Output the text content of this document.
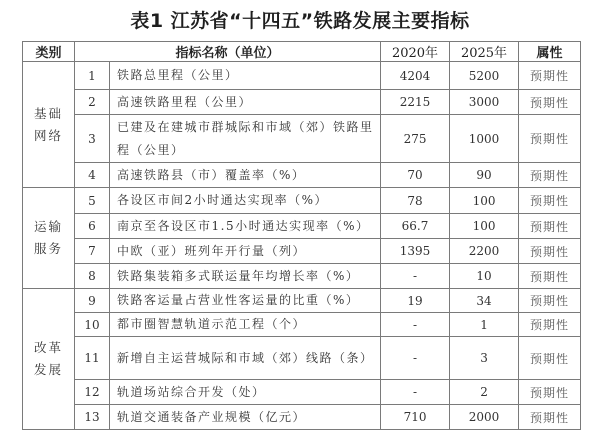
表1 江苏省“十四五”铁路发展主要指标
类别	指标名称（单位）		2020年	2025年	属性
基础
网络	1	铁路总里程（公里）	4204	5200	预期性
	2	高速铁路里程（公里）	2215	3000	预期性
	3	已建及在建城市群城际和市域（郊）铁路里程（公里）	275	1000	预期性
	4	高速铁路县（市）覆盖率（%）	70	90	预期性
运输
服务	5	各设区市间2小时通达实现率（%）	78	100	预期性
	6	南京至各设区市1.5小时通达实现率（%）	66.7	100	预期性
	7	中欧（亚）班列年开行量（列）	1395	2200	预期性
	8	铁路集装箱多式联运量年均增长率（%）	-	10	预期性
改革
发展	9	铁路客运量占营业性客运量的比重（%）	19	34	预期性
	10	都市圈智慧轨道示范工程（个）	-	1	预期性
	11	新增自主运营城际和市域（郊）线路（条）	-	3	预期性
	12	轨道场站综合开发（处）	-	2	预期性
	13	轨道交通装备产业规模（亿元）	710	2000	预期性
